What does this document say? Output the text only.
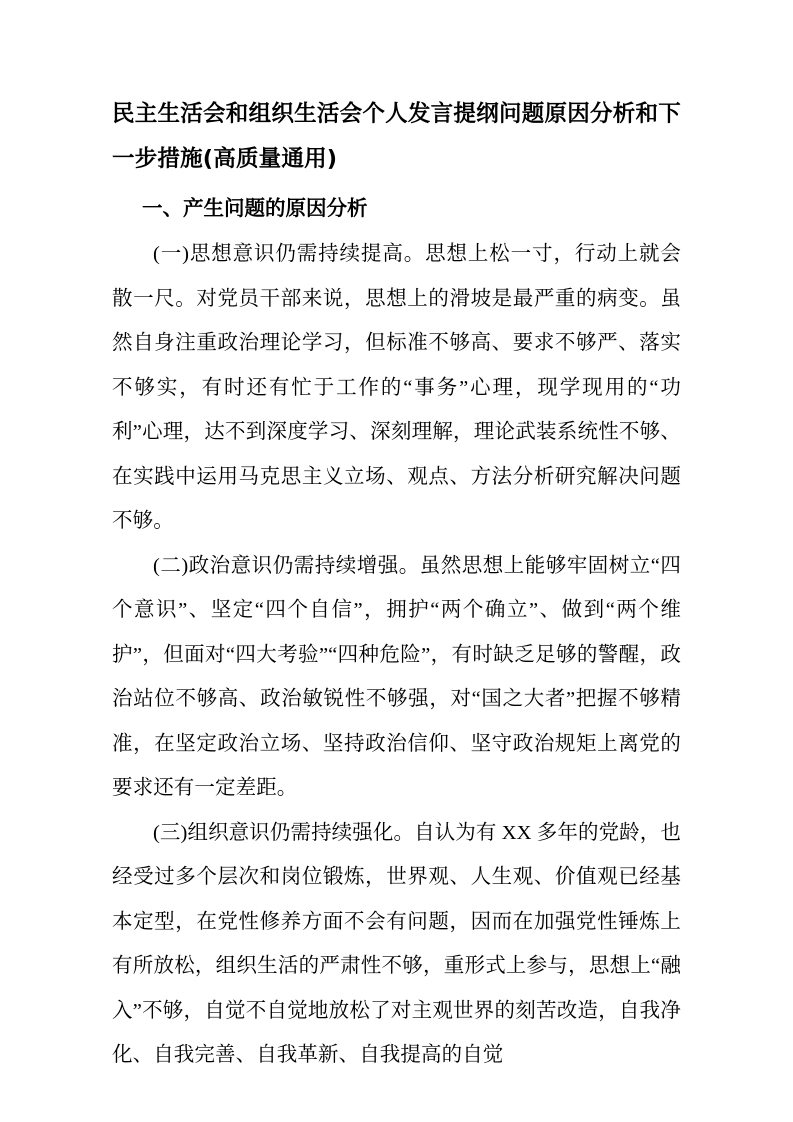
民主生活会和组织生活会个人发言提纲问题原因分析和下一步措施(高质量通用)
一、产生问题的原因分析

(一)思想意识仍需持续提高。思想上松一寸，行动上就会散一尺。对党员干部来说，思想上的滑坡是最严重的病变。虽然自身注重政治理论学习，但标准不够高、要求不够严、落实不够实，有时还有忙于工作的“事务”心理，现学现用的“功利”心理，达不到深度学习、深刻理解，理论武装系统性不够、在实践中运用马克思主义立场、观点、方法分析研究解决问题不够。

(二)政治意识仍需持续增强。虽然思想上能够牢固树立“四个意识”、坚定“四个自信”，拥护“两个确立”、做到“两个维护”，但面对“四大考验”“四种危险”，有时缺乏足够的警醒，政治站位不够高、政治敏锐性不够强，对“国之大者”把握不够精准，在坚定政治立场、坚持政治信仰、坚守政治规矩上离党的要求还有一定差距。

(三)组织意识仍需持续强化。自认为有 XX 多年的党龄，也经受过多个层次和岗位锻炼，世界观、人生观、价值观已经基本定型，在党性修养方面不会有问题，因而在加强党性锤炼上有所放松，组织生活的严肃性不够，重形式上参与，思想上“融入”不够，自觉不自觉地放松了对主观世界的刻苦改造，自我净化、自我完善、自我革新、自我提高的自觉
